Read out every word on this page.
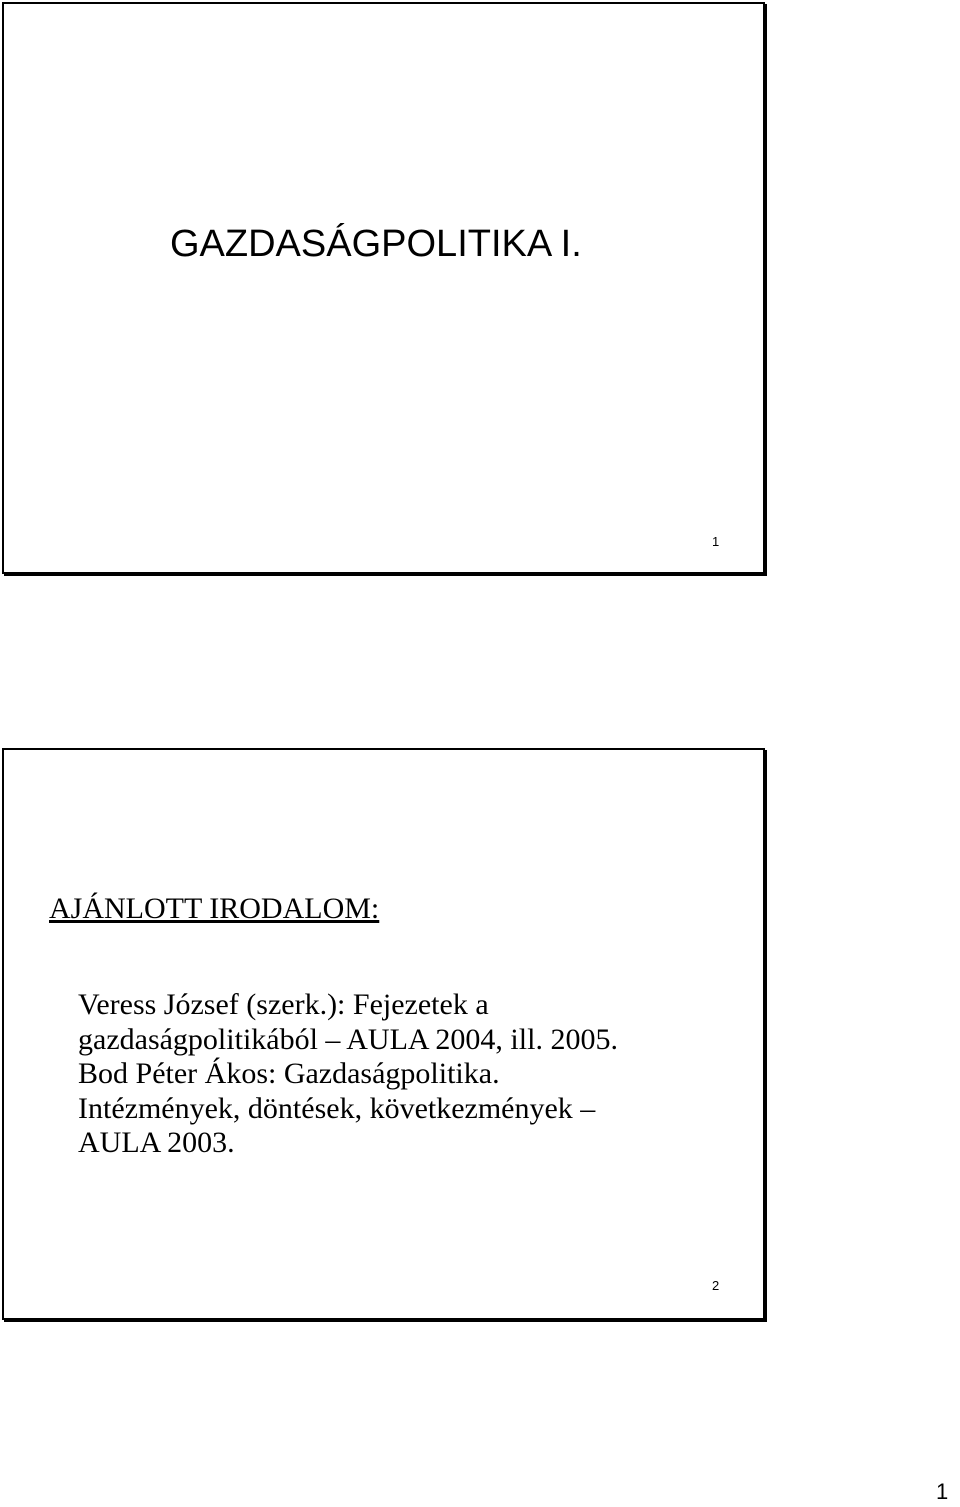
GAZDASÁGPOLITIKA I.
1
AJÁNLOTT IRODALOM:
Veress József (szerk.): Fejezetek a
gazdaságpolitikából – AULA 2004, ill. 2005.
Bod Péter Ákos: Gazdaságpolitika.
Intézmények, döntések, következmények –
AULA 2003.
2
1
